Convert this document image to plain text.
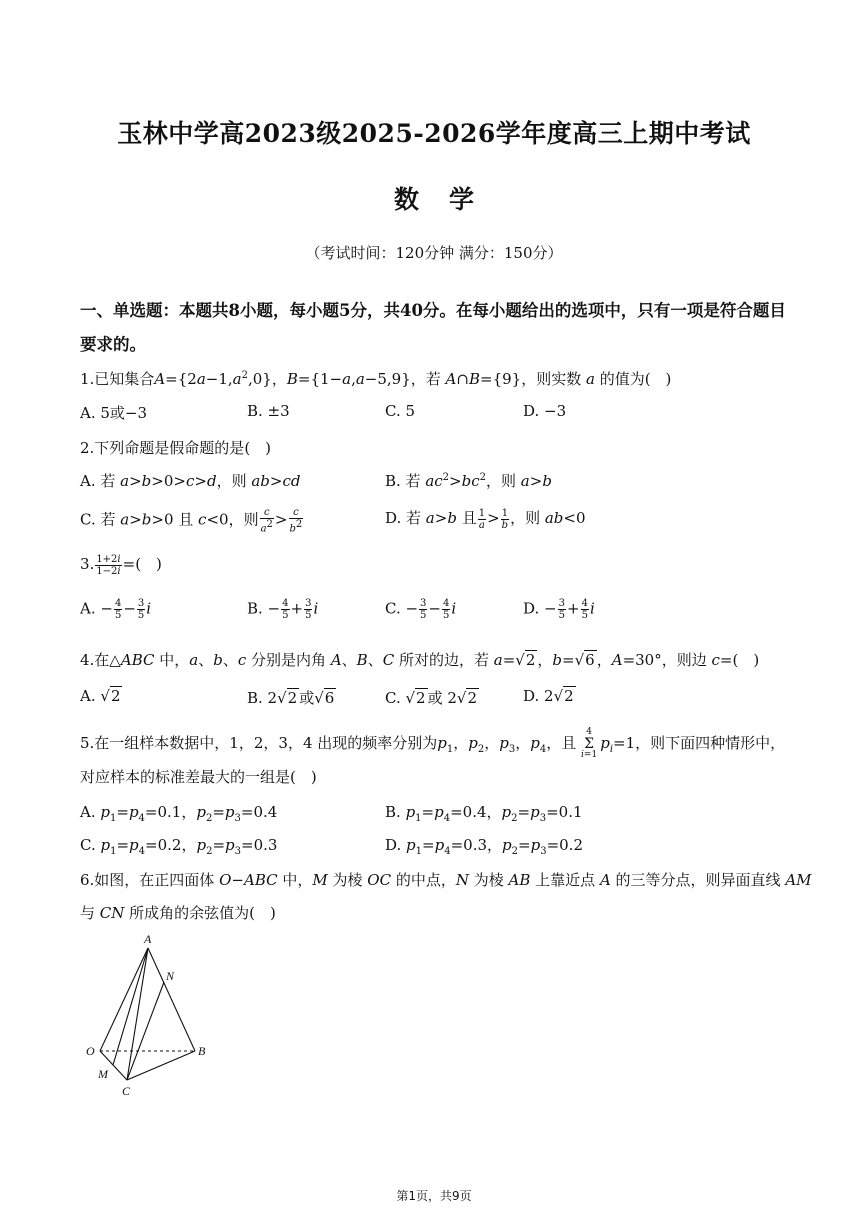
玉林中学高2023级2025-2026学年度高三上期中考试
数学
（考试时间：120分钟 满分：150分）
一、单选题：本题共8小题，每小题5分，共40分。在每小题给出的选项中，只有一项是符合题目要求的。
1.已知集合$A=\{2a-1,a^2,0\}$，B={1−a,a−5,9}，若 A∩B={9}，则实数 a 的值为(　)
A. 5或−3	B. ±3	C. 5	D. −3
2.下列命题是假命题的是(　)
A. 若 a>b>0>c>d，则 ab>cd	B. 若 $ac^2>bc^2$，则 a>b
C. 若 a>b>0 且 c<0，则 $\frac{c}{a^2} > \frac{c}{b^2}$	D. 若 a>b 且 $\frac{1}{a} > \frac{1}{b}$ ，则 ab<0
3. $\frac{1+2i}{1-2i}$ =(　)
A. − $\frac{4}{5} - \frac{3}{5}$ i	B. − $\frac{4}{5} + \frac{3}{5}$ i	C. − $\frac{3}{5} - \frac{4}{5}$ i	D. − $\frac{3}{5} + \frac{4}{5}$ i
4.在△ABC 中，a、b、c 分别是内角 A、B、C 所对的边，若 a=√2 ，b=√6 ，A=30°，则边 c=(　)
A. √2	B. 2√2 或√6	C. √2 或 2√2	D. 2√2
5.在一组样本数据中，1，2，3，4 出现的频率分别为$p_1$，$p_2$，$p_3$，$p_4$，且 4
Σ
$i=1p_i=1$，则下面四种情形中，
对应样本的标准差最大的一组是(　)
A. $p_1=p_4=0.1$，$p_2=p_3=0.4$	B. $p_1=p_4=0.4$，$p_2=p_3=0.1$
C. $p_1=p_4=0.2$，$p_2=p_3=0.3$	D. $p_1=p_4=0.3$，$p_2=p_3=0.2$
6.如图，在正四面体 O−ABC 中，M 为棱 OC 的中点，N 为棱 AB 上靠近点 A 的三等分点，则异面直线 AM
与 CN 所成角的余弦值为(　)
A
N
O	B
M
C
第1页，共9页
